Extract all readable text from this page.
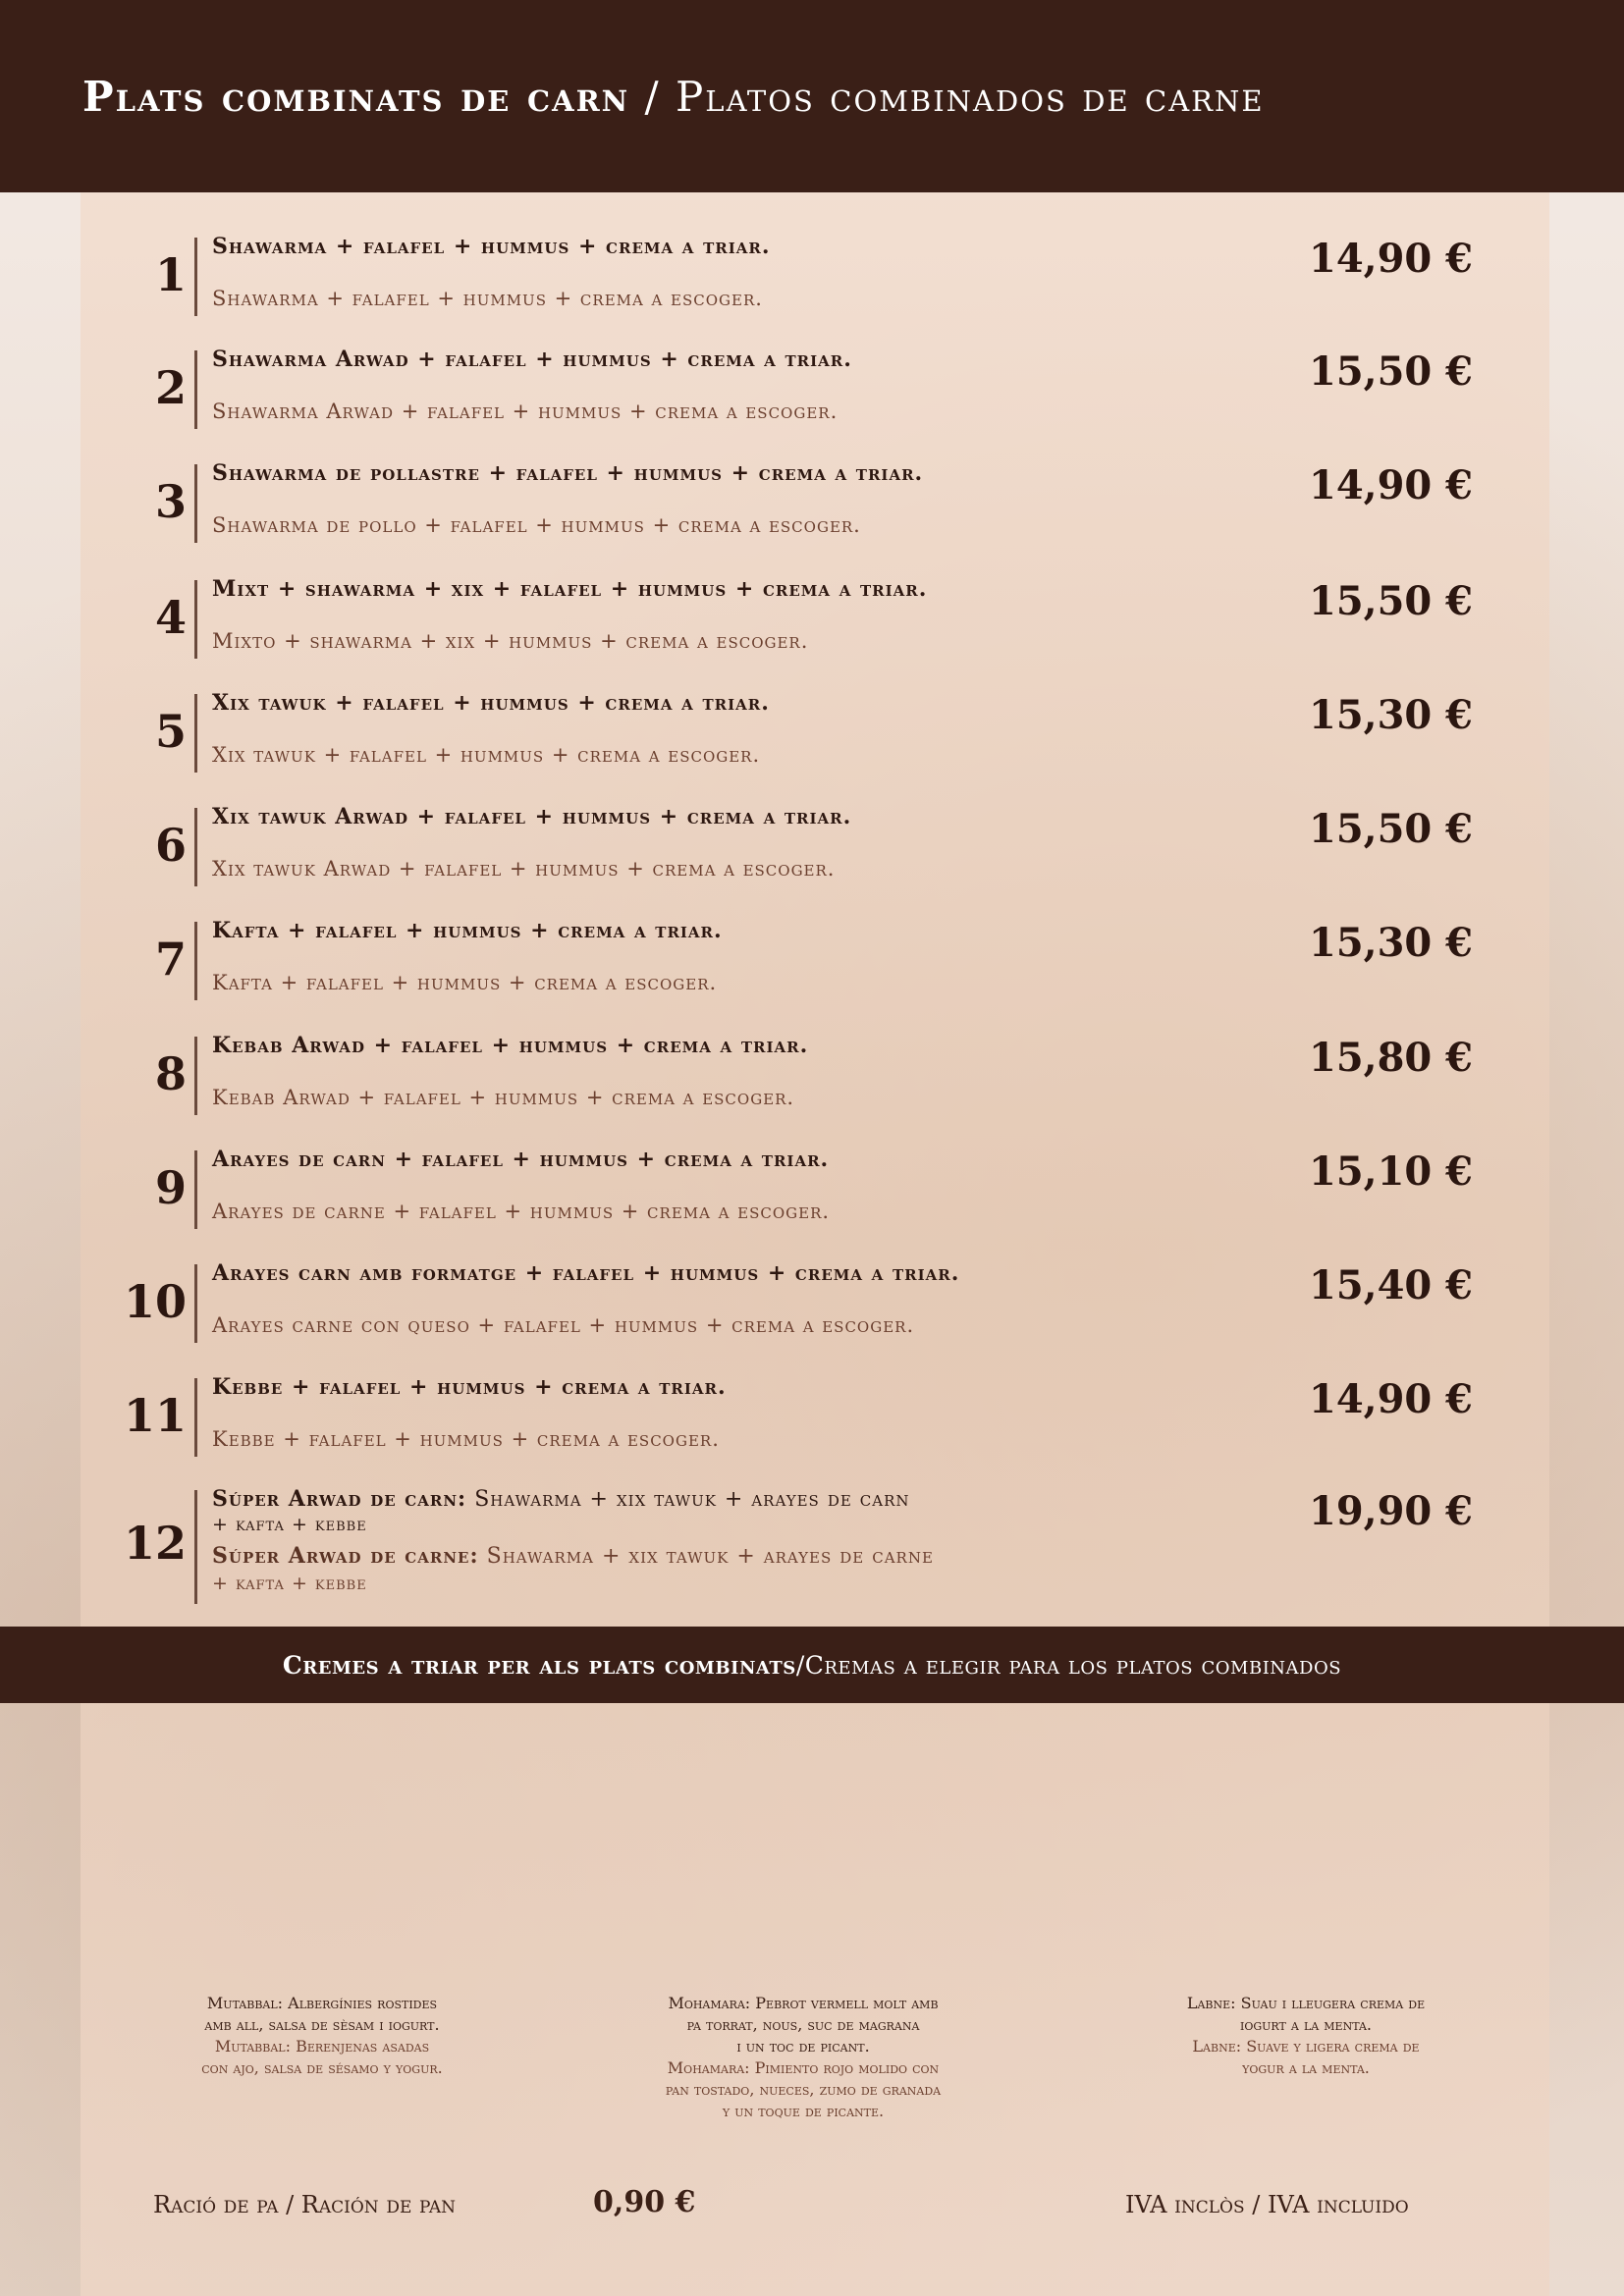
Plats combinats de carn / Platos combinados de carne
1
Shawarma + falafel + hummus + crema a triar.
Shawarma + falafel + hummus + crema a escoger.
14,90 €
2
Shawarma Arwad + falafel + hummus + crema a triar.
Shawarma Arwad + falafel + hummus + crema a escoger.
15,50 €
3
Shawarma de pollastre + falafel + hummus + crema a triar.
Shawarma de pollo + falafel + hummus + crema a escoger.
14,90 €
4
Mixt + shawarma + xix + falafel + hummus + crema a triar.
Mixto + shawarma + xix + hummus + crema a escoger.
15,50 €
5
Xix tawuk + falafel + hummus + crema a triar.
Xix tawuk + falafel + hummus + crema a escoger.
15,30 €
6
Xix tawuk Arwad + falafel + hummus + crema a triar.
Xix tawuk Arwad + falafel + hummus + crema a escoger.
15,50 €
7
Kafta + falafel + hummus + crema a triar.
Kafta + falafel + hummus + crema a escoger.
15,30 €
8
Kebab Arwad + falafel + hummus + crema a triar.
Kebab Arwad + falafel + hummus + crema a escoger.
15,80 €
9
Arayes de carn + falafel + hummus + crema a triar.
Arayes de carne + falafel + hummus + crema a escoger.
15,10 €
10
Arayes carn amb formatge + falafel + hummus + crema a triar.
Arayes carne con queso + falafel + hummus + crema a escoger.
15,40 €
11
Kebbe + falafel + hummus + crema a triar.
Kebbe + falafel + hummus + crema a escoger.
14,90 €
12
Súper Arwad de carn: Shawarma + xix tawuk + arayes de carn
+ kafta + kebbe
Súper Arwad de carne: Shawarma + xix tawuk + arayes de carne
+ kafta + kebbe
19,90 €
Cremes a triar per als plats combinats / Cremas a elegir para los platos combinados
Mutabbal: Albergínies rostides
amb all, salsa de sèsam i iogurt.
Mutabbal: Berenjenas asadas
con ajo, salsa de sésamo y yogur.
Mohamara: Pebrot vermell molt amb
pa torrat, nous, suc de magrana
i un toc de picant.
Mohamara: Pimiento rojo molido con
pan tostado, nueces, zumo de granada
y un toque de picante.
Labne: Suau i lleugera crema de
iogurt a la menta.
Labne: Suave y ligera crema de
yogur a la menta.
Ració de pa / Ración de pan	0,90 €	IVA inclòs / IVA incluido
